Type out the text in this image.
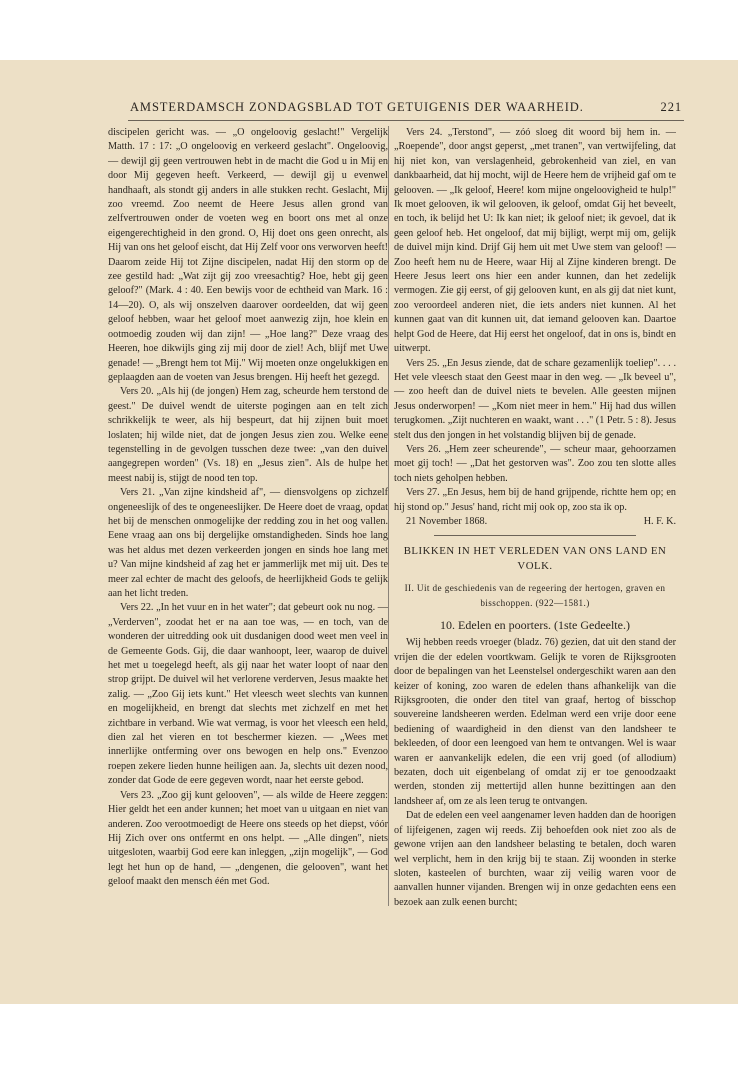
AMSTERDAMSCH ZONDAGSBLAD TOT GETUIGENIS DER WAARHEID.	221

discipelen gericht was. — „O ongeloovig geslacht!" Vergelijk Matth. 17 : 17: „O ongeloovig en verkeerd geslacht". Ongeloovig, — dewijl gij geen vertrouwen hebt in de macht die God u in Mij en door Mij gegeven heeft. Verkeerd, — dewijl gij u evenwel handhaaft, als stondt gij anders in alle stukken recht. Geslacht, Mij zoo vreemd. Zoo neemt de Heere Jesus allen grond van zelfvertrouwen onder de voeten weg en boort ons met al onze eigengerechtigheid in den grond. O, Hij doet ons geen onrecht, als Hij van ons het geloof eischt, dat Hij Zelf voor ons verworven heeft! Daarom zeide Hij tot Zijne discipelen, nadat Hij den storm op de zee gestild had: „Wat zijt gij zoo vreesachtig? Hoe, hebt gij geen geloof?" (Mark. 4 : 40. Een bewijs voor de echtheid van Mark. 16 : 14—20). O, als wij onszelven daarover oordeelden, dat wij geen geloof hebben, waar het geloof moet aanwezig zijn, hoe klein en ootmoedig zouden wij dan zijn! — „Hoe lang?" Deze vraag des Heeren, hoe dikwijls ging zij mij door de ziel! Ach, blijf met Uwe genade! — „Brengt hem tot Mij." Wij moeten onze ongelukkigen en geplaagden aan de voeten van Jesus brengen. Hij heeft het gezegd.

Vers 20. „Als hij (de jongen) Hem zag, scheurde hem terstond de geest." De duivel wendt de uiterste pogingen aan en telt zich schrikkelijk te weer, als hij bespeurt, dat hij zijnen buit moet loslaten; hij wilde niet, dat de jongen Jesus zien zou. Welke eene tegenstelling in de gevolgen tusschen deze twee: „van den duivel aangegrepen worden" (Vs. 18) en „Jesus zien". Als de hulpe het meest nabij is, stijgt de nood ten top.

Vers 21. „Van zijne kindsheid af", — diensvolgens op zichzelf ongeneeslijk of des te ongeneeslijker. De Heere doet de vraag, opdat het bij de menschen onmogelijke der redding zou in het oog vallen. Eene vraag aan ons bij dergelijke omstandigheden. Sinds hoe lang was het aldus met dezen verkeerden jongen en sinds hoe lang met u? Van mijne kindsheid af zag het er jammerlijk met mij uit. Des te meer zal echter de macht des geloofs, de heerlijkheid Gods te gelijk aan het licht treden.

Vers 22. „In het vuur en in het water"; dat gebeurt ook nu nog. — „Verderven", zoodat het er na aan toe was, — en toch, van de wonderen der uitredding ook uit dusdanigen dood weet men veel in de Gemeente Gods. Gij, die daar wanhoopt, leer, waarop de duivel het met u toegelegd heeft, als gij naar het water loopt of naar den strop grijpt. De duivel wil het verlorene verderven, Jesus maakte het zalig. — „Zoo Gij iets kunt." Het vleesch weet slechts van kunnen en mogelijkheid, en brengt dat slechts met zichzelf en met het zichtbare in verband. Wie wat vermag, is voor het vleesch een held, dien zal het vieren en tot beschermer kiezen. — „Wees met innerlijke ontferming over ons bewogen en help ons." Evenzoo roepen zekere lieden hunne heiligen aan. Ja, slechts uit dezen nood, zonder dat Gode de eere gegeven wordt, naar het eerste gebod.

Vers 23. „Zoo gij kunt gelooven", — als wilde de Heere zeggen: Hier geldt het een ander kunnen; het moet van u uitgaan en niet van anderen. Zoo verootmoedigt de Heere ons steeds op het diepst, vóór Hij Zich over ons ontfermt en ons helpt. — „Alle dingen", niets uitgesloten, waarbij God eere kan inleggen, „zijn mogelijk", — God legt het hun op de hand, — „dengenen, die gelooven", want het geloof maakt den mensch één met God.

Vers 24. „Terstond", — zóó sloeg dit woord bij hem in. — „Roepende", door angst geperst, „met tranen", van vertwijfeling, dat hij niet kon, van verslagenheid, gebrokenheid van ziel, en van dankbaarheid, dat hij mocht, wijl de Heere hem de vrijheid gaf om te gelooven. — „Ik geloof, Heere! kom mijne ongeloovigheid te hulp!" Ik moet gelooven, ik wil gelooven, ik geloof, omdat Gij het beveelt, en toch, ik belijd het U: Ik kan niet; ik geloof niet; ik gevoel, dat ik geen geloof heb. Het ongeloof, dat mij bijligt, werpt mij om, gelijk de duivel mijn kind. Drijf Gij hem uit met Uwe stem van geloof! — Zoo heeft hem nu de Heere, waar Hij al Zijne kinderen brengt. De Heere Jesus leert ons hier een ander kunnen, dan het zedelijk vermogen. Zie gij eerst, of gij gelooven kunt, en als gij dat niet kunt, zoo veroordeel anderen niet, die iets anders niet kunnen. Al het kunnen gaat van dit kunnen uit, dat iemand gelooven kan. Daartoe helpt God de Heere, dat Hij eerst het ongeloof, dat in ons is, bindt en uitwerpt.

Vers 25. „En Jesus ziende, dat de schare gezamenlijk toeliep". . . . Het vele vleesch staat den Geest maar in den weg. — „Ik beveel u", — zoo heeft dan de duivel niets te bevelen. Alle geesten mijnen Jesus onderworpen! — „Kom niet meer in hem." Hij had dus willen terugkomen. „Zijt nuchteren en waakt, want . . ." (1 Petr. 5 : 8). Jesus stelt dus den jongen in het volstandig blijven bij de genade.

Vers 26. „Hem zeer scheurende", — scheur maar, gehoorzamen moet gij toch! — „Dat het gestorven was". Zoo zou ten slotte alles toch niets geholpen hebben.

Vers 27. „En Jesus, hem bij de hand grijpende, richtte hem op; en hij stond op." Jesus' hand, richt mij ook op, zoo sta ik op.

21 November 1868.	H. F. K.
BLIKKEN IN HET VERLEDEN VAN ONS LAND EN VOLK.
II. Uit de geschiedenis van de regeering der hertogen, graven en bisschoppen. (922—1581.)
10. Edelen en poorters. (1ste Gedeelte.)

Wij hebben reeds vroeger (bladz. 76) gezien, dat uit den stand der vrijen die der edelen voortkwam. Gelijk te voren de Rijksgrooten door de bepalingen van het Leenstelsel ondergeschikt waren aan den keizer of koning, zoo waren de edelen thans afhankelijk van die Rijksgrooten, die onder den titel van graaf, hertog of bisschop souvereine landsheeren werden. Edelman werd een vrije door eene bediening of waardigheid in den dienst van den landsheer te bekleeden, of door een leengoed van hem te ontvangen. Wel is waar waren er aanvankelijk edelen, die een vrij goed (of allodium) bezaten, doch uit eigenbelang of omdat zij er toe genoodzaakt werden, stonden zij mettertijd allen hunne bezittingen aan den landsheer af, om ze als leen terug te ontvangen.

Dat de edelen een veel aangenamer leven hadden dan de hoorigen of lijfeigenen, zagen wij reeds. Zij behoefden ook niet zoo als de gewone vrijen aan den landsheer belasting te betalen, doch waren wel verplicht, hem in den krijg bij te staan. Zij woonden in sterke sloten, kasteelen of burchten, waar zij veilig waren voor de aanvallen hunner vijanden. Brengen wij in onze gedachten eens een bezoek aan zulk eenen burcht;
